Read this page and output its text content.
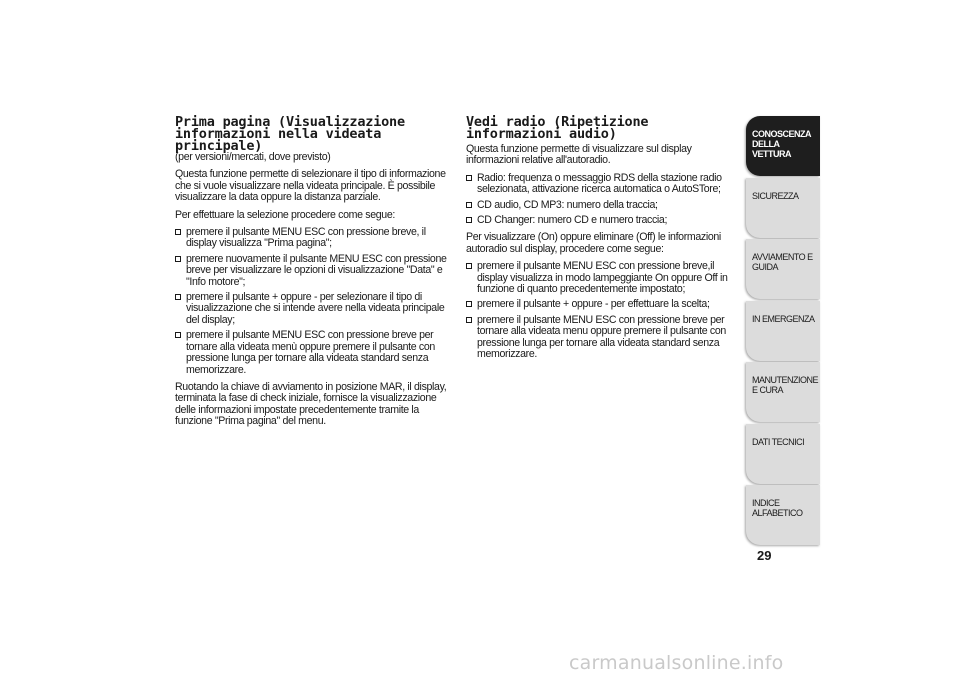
Prima pagina (Visualizzazione informazioni nella videata principale)

(per versioni/mercati, dove previsto)

Questa funzione permette di selezionare il tipo di informazione che si vuole visualizzare nella videata principale. È possibile visualizzare la data oppure la distanza parziale.

Per effettuare la selezione procedere come segue:

premere il pulsante MENU ESC con pressione breve, il display visualizza "Prima pagina";
premere nuovamente il pulsante MENU ESC con pressione breve per visualizzare le opzioni di visualizzazione "Data" e "Info motore";
premere il pulsante + oppure - per selezionare il tipo di visualizzazione che si intende avere nella videata principale del display;
premere il pulsante MENU ESC con pressione breve per tornare alla videata menù oppure premere il pulsante con pressione lunga per tornare alla videata standard senza memorizzare.

Ruotando la chiave di avviamento in posizione MAR, il display, terminata la fase di check iniziale, fornisce la visualizzazione delle informazioni impostate precedentemente tramite la funzione "Prima pagina" del menu.

Vedi radio (Ripetizione informazioni audio)

Questa funzione permette di visualizzare sul display informazioni relative all'autoradio.

Radio: frequenza o messaggio RDS della stazione radio selezionata, attivazione ricerca automatica o AutoSTore;
CD audio, CD MP3: numero della traccia;
CD Changer: numero CD e numero traccia;

Per visualizzare (On) oppure eliminare (Off) le informazioni autoradio sul display, procedere come segue:

premere il pulsante MENU ESC con pressione breve,il display visualizza in modo lampeggiante On oppure Off in funzione di quanto precedentemente impostato;
premere il pulsante + oppure - per effettuare la scelta;
premere il pulsante MENU ESC con pressione breve per tornare alla videata menu oppure premere il pulsante con pressione lunga per tornare alla videata standard senza memorizzare.
CONOSCENZA DELLA VETTURA
SICUREZZA
AVVIAMENTO E GUIDA
IN EMERGENZA
MANUTENZIONE E CURA
DATI TECNICI
INDICE ALFABETICO
29
carmanualsonline.info
